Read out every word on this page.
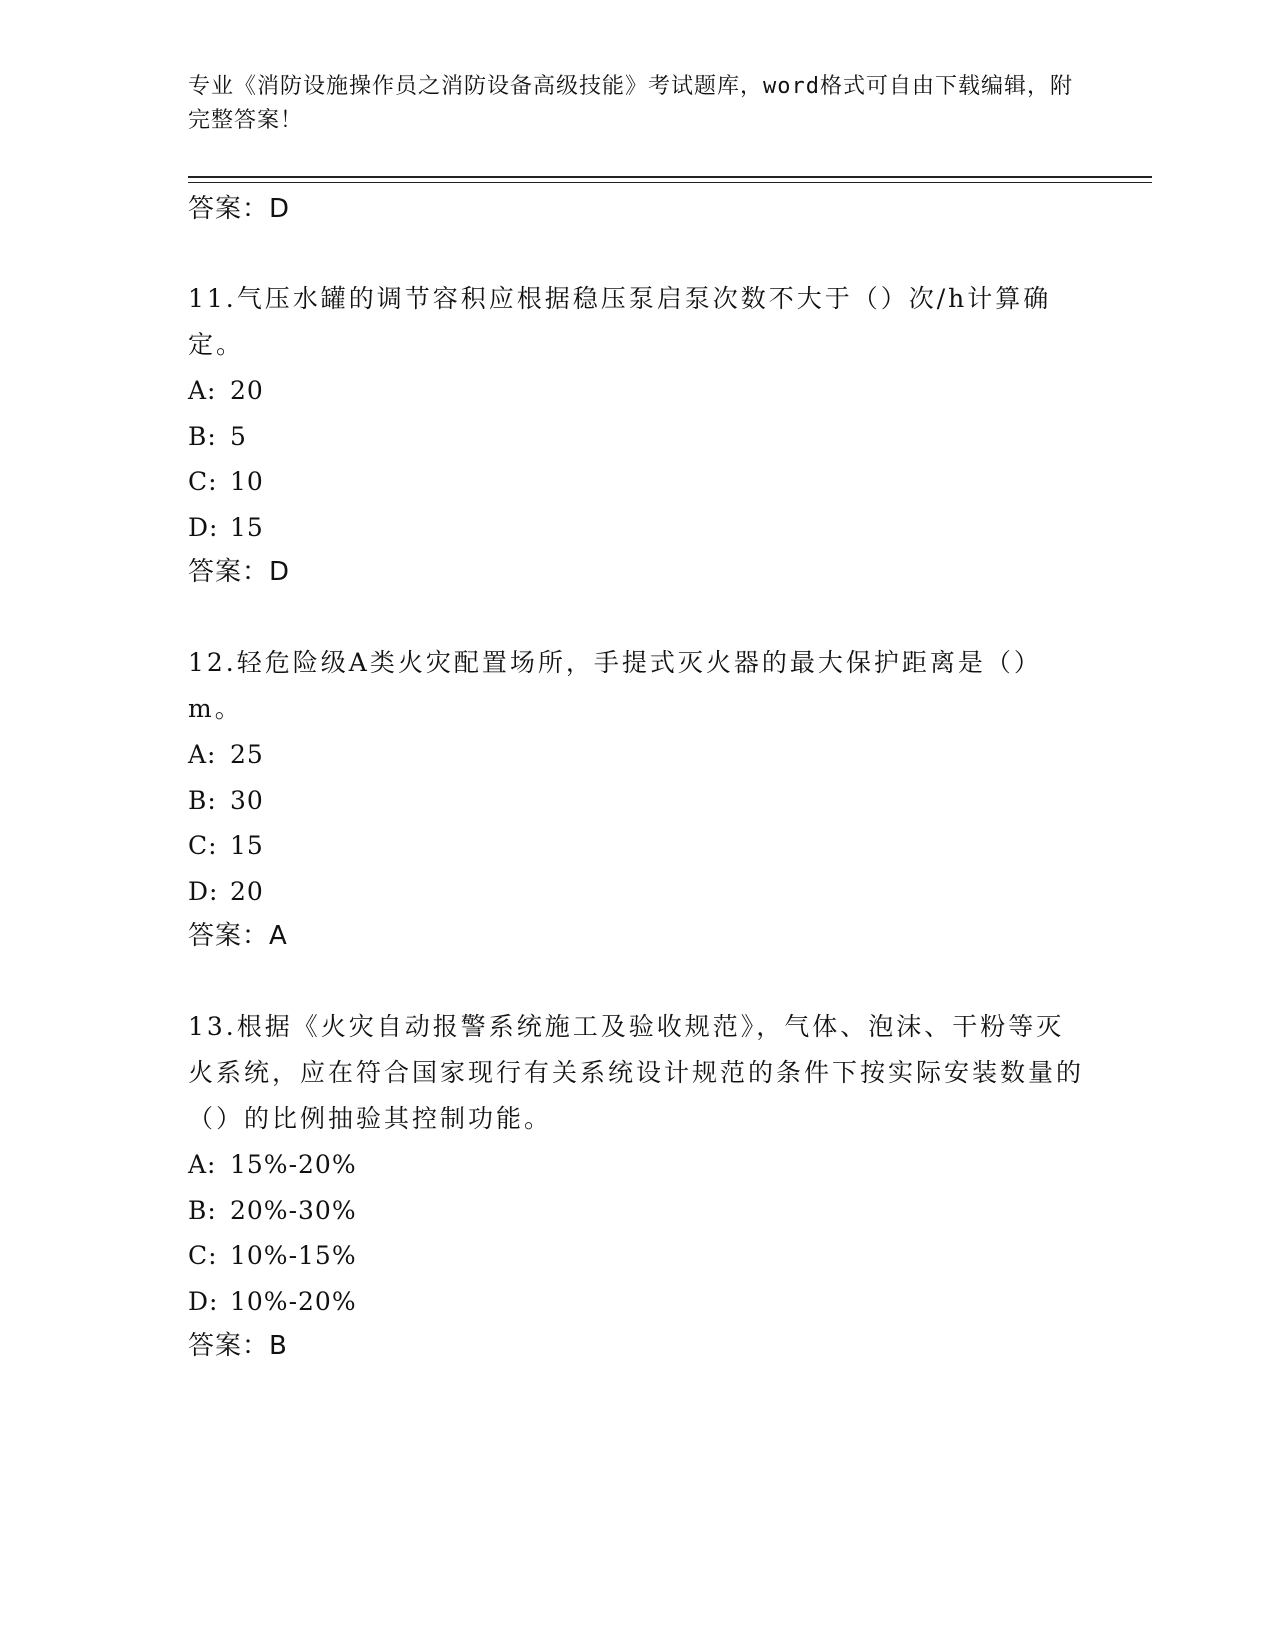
专业《消防设施操作员之消防设备高级技能》考试题库，word格式可自由下载编辑，附完整答案！
答案：D
11.气压水罐的调节容积应根据稳压泵启泵次数不大于（）次/h计算确定。
A: 20
B: 5
C: 10
D: 15
答案：D
12.轻危险级A类火灾配置场所，手提式灭火器的最大保护距离是（）m。
A: 25
B: 30
C: 15
D: 20
答案：A
13.根据《火灾自动报警系统施工及验收规范》，气体、泡沫、干粉等灭火系统，应在符合国家现行有关系统设计规范的条件下按实际安装数量的（）的比例抽验其控制功能。
A: 15%-20%
B: 20%-30%
C: 10%-15%
D: 10%-20%
答案：B
